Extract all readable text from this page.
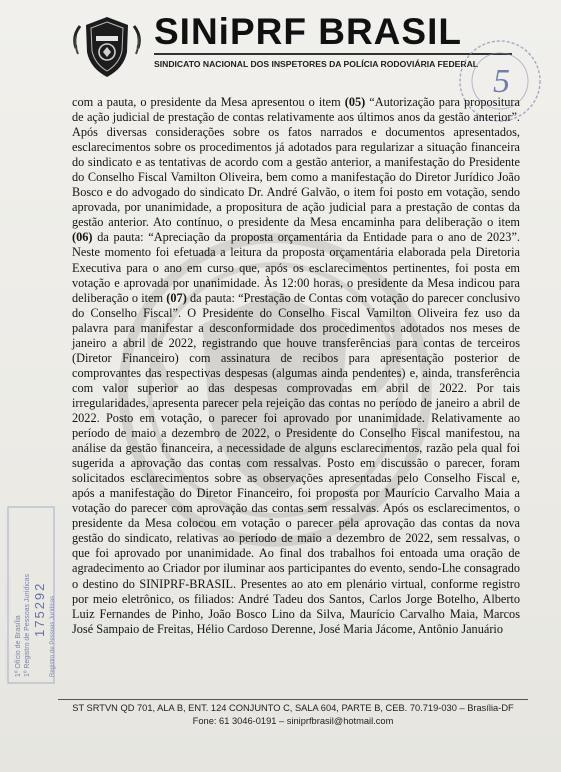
SINiPRF BRASIL
SINDICATO NACIONAL DOS INSPETORES DA POLÍCIA RODOVIÁRIA FEDERAL 5
1º Ofício de Brasília 1º Registro de Pessoas Jurídicas 175292 Registro de Pessoas Jurídicas

com a pauta, o presidente da Mesa apresentou o item (05) “Autorização para propositura de ação judicial de prestação de contas relativamente aos últimos anos da gestão anterior”. Após diversas considerações sobre os fatos narrados e documentos apresentados, esclarecimentos sobre os procedimentos já adotados para regularizar a situação financeira do sindicato e as tentativas de acordo com a gestão anterior, a manifestação do Presidente do Conselho Fiscal Vamilton Oliveira, bem como a manifestação do Diretor Jurídico João Bosco e do advogado do sindicato Dr. André Galvão, o item foi posto em votação, sendo aprovada, por unanimidade, a propositura de ação judicial para a prestação de contas da gestão anterior. Ato contínuo, o presidente da Mesa encaminha para deliberação o item (06) da pauta: “Apreciação da proposta orçamentária da Entidade para o ano de 2023”. Neste momento foi efetuada a leitura da proposta orçamentária elaborada pela Diretoria Executiva para o ano em curso que, após os esclarecimentos pertinentes, foi posta em votação e aprovada por unanimidade. Às 12:00 horas, o presidente da Mesa indicou para deliberação o item (07) da pauta: “Prestação de Contas com votação do parecer conclusivo do Conselho Fiscal”. O Presidente do Conselho Fiscal Vamilton Oliveira fez uso da palavra para manifestar a desconformidade dos procedimentos adotados nos meses de janeiro a abril de 2022, registrando que houve transferências para contas de terceiros (Diretor Financeiro) com assinatura de recibos para apresentação posterior de comprovantes das respectivas despesas (algumas ainda pendentes) e, ainda, transferência com valor superior ao das despesas comprovadas em abril de 2022. Por tais irregularidades, apresenta parecer pela rejeição das contas no período de janeiro a abril de 2022. Posto em votação, o parecer foi aprovado por unanimidade. Relativamente ao período de maio a dezembro de 2022, o Presidente do Conselho Fiscal manifestou, na análise da gestão financeira, a necessidade de alguns esclarecimentos, razão pela qual foi sugerida a aprovação das contas com ressalvas. Posto em discussão o parecer, foram solicitados esclarecimentos sobre as observações apresentadas pelo Conselho Fiscal e, após a manifestação do Diretor Financeiro, foi proposta por Maurício Carvalho Maia a votação do parecer com aprovação das contas sem ressalvas. Após os esclarecimentos, o presidente da Mesa colocou em votação o parecer pela aprovação das contas da nova gestão do sindicato, relativas ao período de maio a dezembro de 2022, sem ressalvas, o que foi aprovado por unanimidade. Ao final dos trabalhos foi entoada uma oração de agradecimento ao Criador por iluminar aos participantes do evento, sendo-Lhe consagrado o destino do SINIPRF-BRASIL. Presentes ao ato em plenário virtual, conforme registro por meio eletrônico, os filiados: André Tadeu dos Santos, Carlos Jorge Botelho, Alberto Luiz Fernandes de Pinho, João Bosco Lino da Silva, Maurício Carvalho Maia, Marcos José Sampaio de Freitas, Hélio Cardoso Derenne, José Maria Jácome, Antônio Januário

ST SRTVN QD 701, ALA B, ENT. 124 CONJUNTO C, SALA 604, PARTE B, CEB. 70.719-030 – Brasília-DF
Fone: 61 3046-0191 – siniprfbrasil@hotmail.com
